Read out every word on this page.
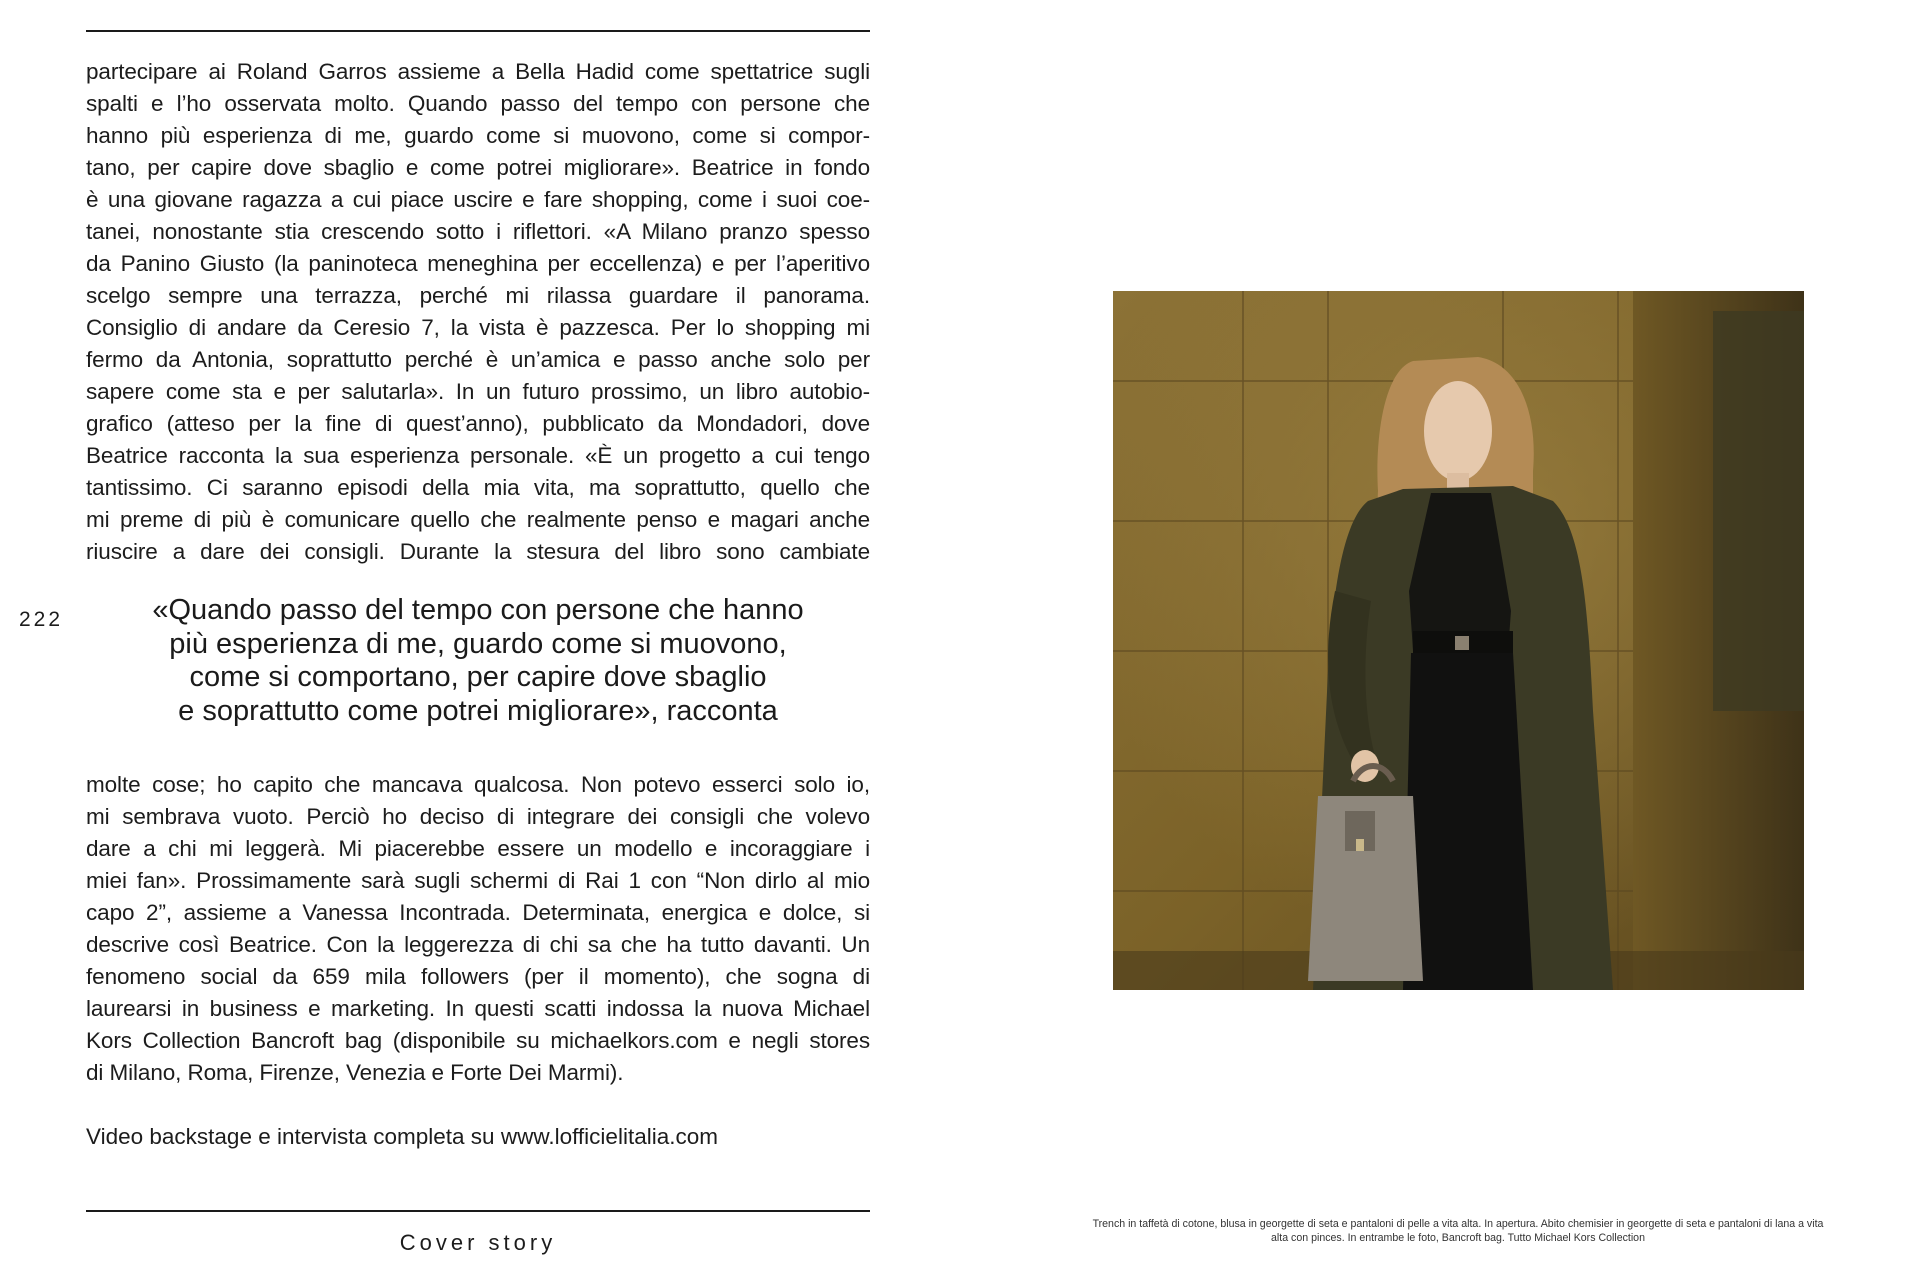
partecipare ai Roland Garros assieme a Bella Hadid come spettatrice sugli

spalti e l’ho osservata molto. Quando passo del tempo con persone che

hanno più esperienza di me, guardo come si muovono, come si compor-

tano, per capire dove sbaglio e come potrei migliorare». Beatrice in fondo

è una giovane ragazza a cui piace uscire e fare shopping, come i suoi coe-

tanei, nonostante stia crescendo sotto i riflettori. «A Milano pranzo spesso

da Panino Giusto (la paninoteca meneghina per eccellenza) e per l’aperitivo

scelgo sempre una terrazza, perché mi rilassa guardare il panorama.

Consiglio di andare da Ceresio 7, la vista è pazzesca. Per lo shopping mi

fermo da Antonia, soprattutto perché è un’amica e passo anche solo per

sapere come sta e per salutarla». In un futuro prossimo, un libro autobio-

grafico (atteso per la fine di quest’anno), pubblicato da Mondadori, dove

Beatrice racconta la sua esperienza personale. «È un progetto a cui tengo

tantissimo. Ci saranno episodi della mia vita, ma soprattutto, quello che

mi preme di più è comunicare quello che realmente penso e magari anche

riuscire a dare dei consigli. Durante la stesura del libro sono cambiate

222	«Quando passo del tempo con persone che hanno
più esperienza di me, guardo come si muovono,
come si comportano, per capire dove sbaglio
e soprattutto come potrei migliorare», racconta

molte cose; ho capito che mancava qualcosa. Non potevo esserci solo io,

mi sembrava vuoto. Perciò ho deciso di integrare dei consigli che volevo

dare a chi mi leggerà. Mi piacerebbe essere un modello e incoraggiare i

miei fan». Prossimamente sarà sugli schermi di Rai 1 con “Non dirlo al mio

capo 2”, assieme a Vanessa Incontrada. Determinata, energica e dolce, si

descrive così Beatrice. Con la leggerezza di chi sa che ha tutto davanti. Un

fenomeno social da 659 mila followers (per il momento), che sogna di

laurearsi in business e marketing. In questi scatti indossa la nuova Michael

Kors Collection Bancroft bag (disponibile su michaelkors.com e negli stores

di Milano, Roma, Firenze, Venezia e Forte Dei Marmi).

Video backstage e intervista completa su www.lofficielitalia.com

Cover story
Trench in taffetà di cotone, blusa in georgette di seta e pantaloni di pelle a vita alta. In apertura. Abito chemisier in georgette di seta e pantaloni di lana a vita
alta con pinces. In entrambe le foto, Bancroft bag. Tutto Michael Kors Collection
